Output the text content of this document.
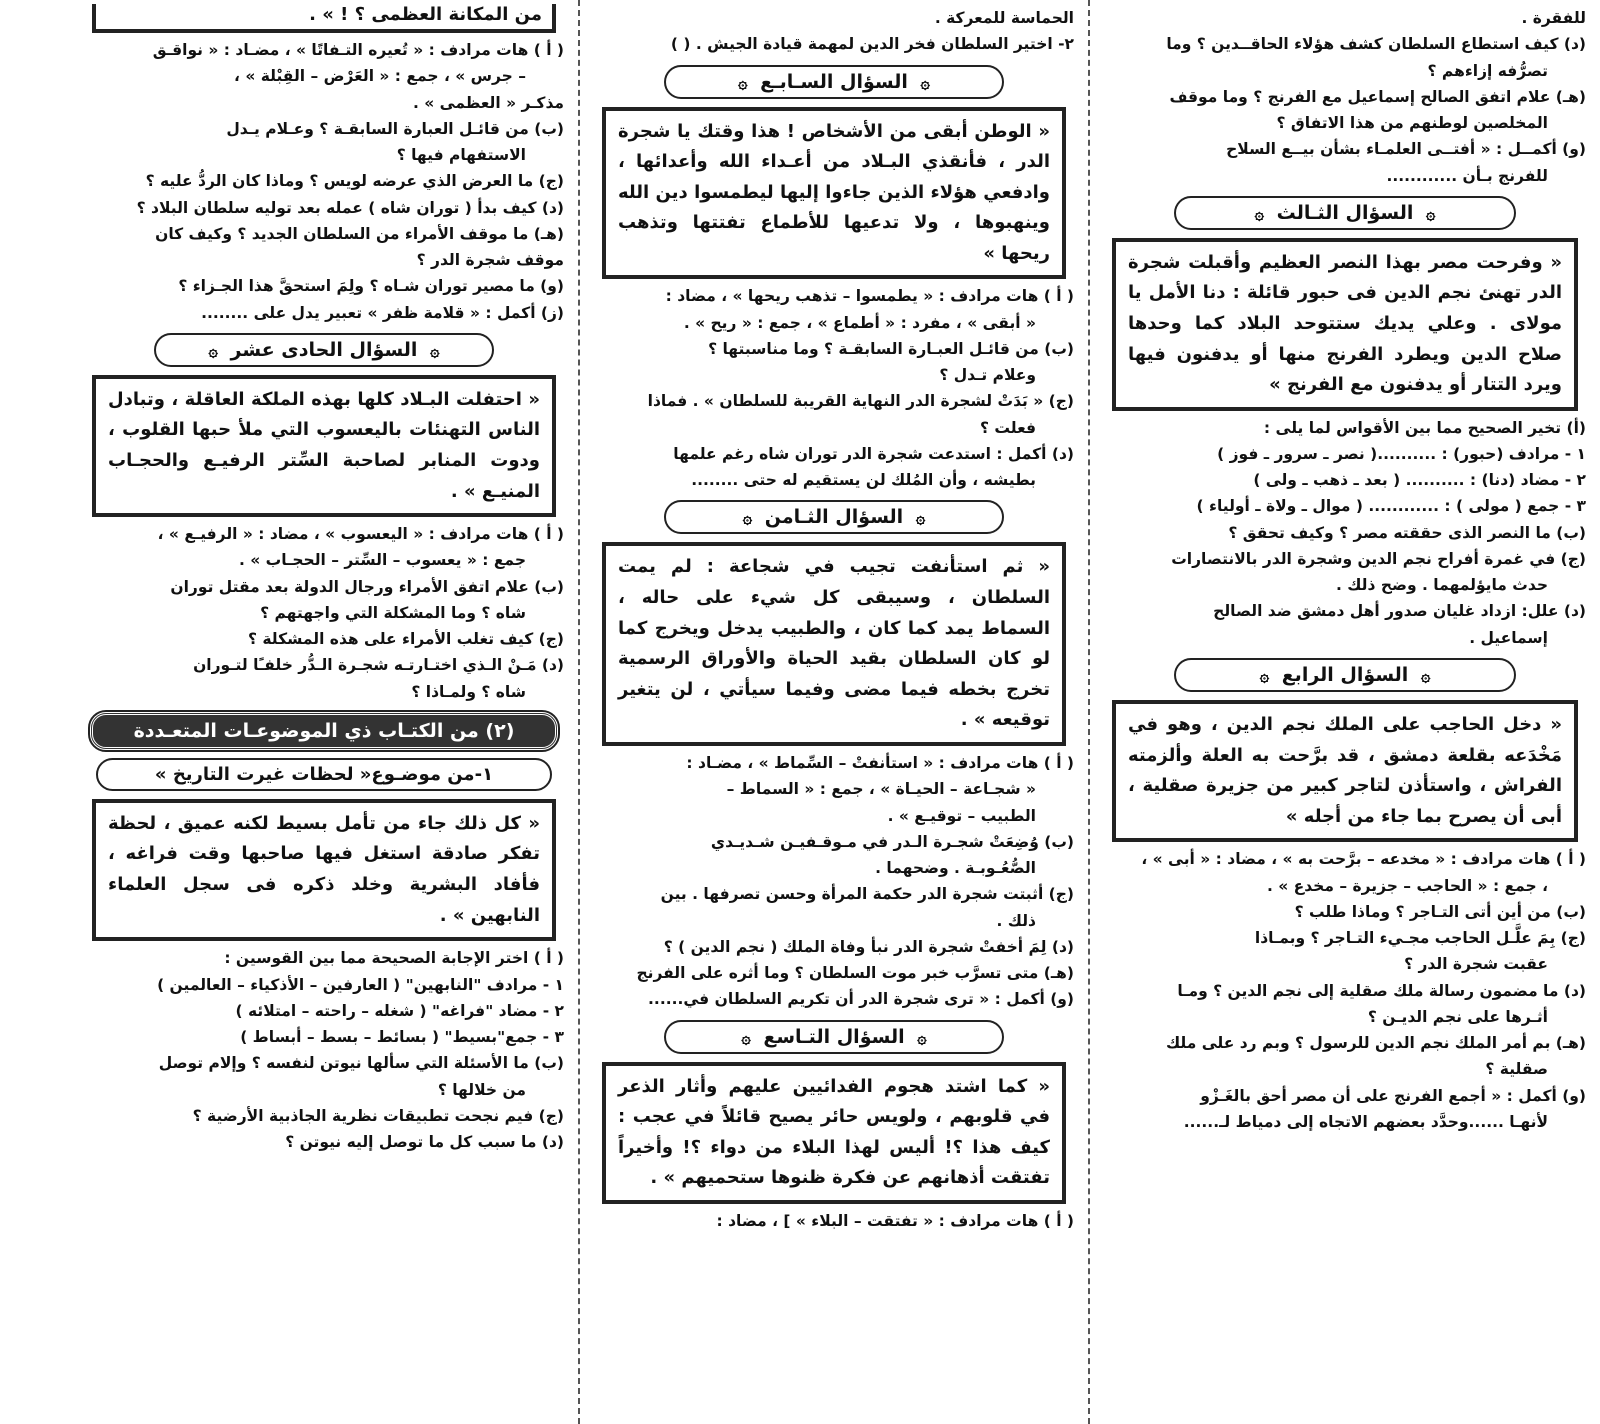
للفقرة .

(د) كيف استطاع السلطان كشف هؤلاء الحاقــدين ؟ وما

تصرُّفه إزاءهم ؟

(هـ) علام اتفق الصالح إسماعيل مع الفرنج ؟ وما موقف

المخلصين لوطنهم من هذا الاتفاق ؟

(و) أكمــل : « أفتــى العلمـاء بشأن بيــع السلاح

للفرنج بـأن ............

۞ السؤال الثـالث ۞
« وفرحت مصر بهذا النصر العظيم وأقبلت شجرة الدر تهنئ نجم الدين فى حبور قائلة : دنا الأمل يا مولاى . وعلي يديك ستتوحد البلاد كما وحدها صلاح الدين ويطرد الفرنج منها أو يدفنون فيها ويرد التتار أو يدفنون مع الفرنج »

(أ) تخير الصحيح مما بين الأقواس لما يلى :

١ - مرادف (حبور) : ..........( نصر ـ سرور ـ فوز )

٢ - مضاد (دنا) : .......... ( بعد ـ ذهب ـ ولى )

٣ - جمع ( مولى ) : ............ ( موال ـ ولاة ـ أولياء )

(ب) ما النصر الذى حققته مصر ؟ وكيف تحقق ؟

(ج) في غمرة أفراح نجم الدين وشجرة الدر بالانتصارات

حدث مايؤلمهما . وضح ذلك .

(د) علل: ازداد غليان صدور أهل دمشق ضد الصالح

إسماعيل .

۞ السؤال الرابع ۞
« دخل الحاجب على الملك نجم الدين ، وهو في مَخْدَعه بقلعة دمشق ، قد برَّحت به العلة وألزمته الفراش ، واستأذن لتاجر كبير من جزيرة صقلية ، أبى أن يصرح بما جاء من أجله »

( أ ) هات مرادف : « مخدعه – برَّحت به » ، مضاد : « أبى » ،

، جمع : « الحاجب – جزيرة – مخدع » .

(ب) من أين أتى التـاجر ؟ وماذا طلب ؟

(ج) بِمَ علَّـل الحاجب مجـيء التـاجر ؟ وبمـاذا

عقبت شجرة الدر ؟

(د) ما مضمون رسالة ملك صقلية إلى نجم الدين ؟ ومـا

أثـرها على نجم الديـن ؟

(هـ) بم أمر الملك نجم الدين للرسول ؟ وبم رد على ملك

صقلية ؟

(و) أكمل : « أجمع الفرنج على أن مصر أحق بالغَـزْو

لأنهـا ......وحدَّد بعضهم الاتجاه إلى دمياط لـ......

الحماسة للمعركة .

٢- اختير السلطان فخر الدين لمهمة قيادة الجيش . ( )

۞ السؤال السـابـع ۞
« الوطن أبقى من الأشخاص ! هذا وقتك يا شجرة الدر ، فأنقذي البـلاد من أعـداء الله وأعدائها ، وادفعي هؤلاء الذين جاءوا إليها ليطمسوا دين الله وينهبوها ، ولا تدعيها للأطماع تفتتها وتذهب ريحها »

( أ ) هات مرادف : « يطمسوا – تذهب ريحها » ، مضاد :

« أبقى » ، مفرد : « أطماع » ، جمع : « ريح » .

(ب) من قائـل العبـارة السابقـة ؟ وما مناسبتها ؟

وعلام تـدل ؟

(ج) « بَدَتْ لشجرة الدر النهاية القريبة للسلطان » . فماذا

فعلت ؟

(د) أكمل : استدعت شجرة الدر توران شاه رغم علمها

بطيشه ، وأن المُلك لن يستقيم له حتى ........

۞ السؤال الثـامن ۞
« ثم استأنفت تجيب في شجاعة : لم يمت السلطان ، وسيبقى كل شيء على حاله ، السماط يمد كما كان ، والطبيب يدخل ويخرج كما لو كان السلطان بقيد الحياة والأوراق الرسمية تخرج بخطه فيما مضى وفيما سيأتي ، لن يتغير توقيعه » .

( أ ) هات مرادف : « استأنفتْ – السِّماط » ، مضـاد :

« شجـاعة – الحيـاة » ، جمع : « السماط –

الطبيب – توقيـع » .

(ب) وُضِعَتْ شجـرة الـدر في مـوقـفيـن شـديـدي

الصُّعُـوبـة . وضحهما .

(ج) أثبتت شجرة الدر حكمة المرأة وحسن تصرفها . بين

ذلك .

(د) لِمَ أخفتْ شجرة الدر نبأ وفاة الملك ( نجم الدين ) ؟

(هـ) متى تسرَّب خبر موت السلطان ؟ وما أثره على الفرنج

(و) أكمل : « ترى شجرة الدر أن تكريم السلطان في......

۞ السؤال التـاسع ۞
« كما اشتد هجوم الفدائيين عليهم وأثار الذعر في قلوبهم ، ولويس حائر يصيح قائلاً في عجب : كيف هذا ؟! أليس لهذا البلاء من دواء ؟! وأخيراً تفتقت أذهانهم عن فكرة ظنوها ستحميهم » .

( أ ) هات مرادف : « تفتقت – البلاء » ] ، مضاد :

من المكانة العظمى ؟ ! » .

( أ ) هات مرادف : « تُعيره التـفاتًا » ، مضـاد : « نواقـق

– جرس » ، جمع : « العَرْض – القِبْلة » ،

مذكـر « العظمى » .

(ب) من قائـل العبارة السابقـة ؟ وعـلام يـدل

الاستفهام فيها ؟

(ج) ما العرض الذي عرضه لويس ؟ وماذا كان الردُّ عليه ؟

(د) كيف بدأ ( توران شاه ) عمله بعد توليه سلطان البلاد ؟

(هـ) ما موقف الأمراء من السلطان الجديد ؟ وكيف كان

موقف شجرة الدر ؟

(و) ما مصير توران شـاه ؟ ولِمَ استحقَّ هذا الجـزاء ؟

(ز) أكمل : « قلامة ظفر » تعبير يدل على ........

۞ السؤال الحادى عشر ۞
« احتفلت البـلاد كلها بهذه الملكة العاقلة ، وتبادل الناس التهنئات باليعسوب التي ملأ حبها القلوب ، ودوت المنابر لصاحبة السِّتر الرفيـع والحجـاب المنيـع » .

( أ ) هات مرادف : « اليعسوب » ، مضاد : « الرفيـع » ،

جمع : « يعسوب – السِّتر – الحجـاب » .

(ب) علام اتفق الأمراء ورجال الدولة بعد مقتل توران

شاه ؟ وما المشكلة التي واجهتهم ؟

(ج) كيف تغلب الأمراء على هذه المشكلة ؟

(د) مَـنْ الـذي اختـارتـه شجـرة الـدُّر خلفـًا لتـوران

شاه ؟ ولمـاذا ؟

(٢) من الكتـاب ذي الموضوعـات المتعـددة
١-من موضـوع« لحظات غيرت التاريخ »
« كل ذلك جاء من تأمل بسيط لكنه عميق ، لحظة تفكر صادقة استغل فيها صاحبها وقت فراغه ، فأفاد البشرية وخلد ذكره فى سجل العلماء النابهين » .

( أ ) اختر الإجابة الصحيحة مما بين القوسين :

١ - مرادف "النابهين" ( العارفين – الأذكياء – العالمين )

٢ - مضاد "فراغه" ( شغله – راحته – امتلائه )

٣ - جمع"بسيط" ( بسائط – بسط – أبساط )

(ب) ما الأسئلة التي سألها نيوتن لنفسه ؟ وإلام توصل

من خلالها ؟

(ج) فيم نجحت تطبيقات نظرية الجاذبية الأرضية ؟

(د) ما سبب كل ما توصل إليه نيوتن ؟
